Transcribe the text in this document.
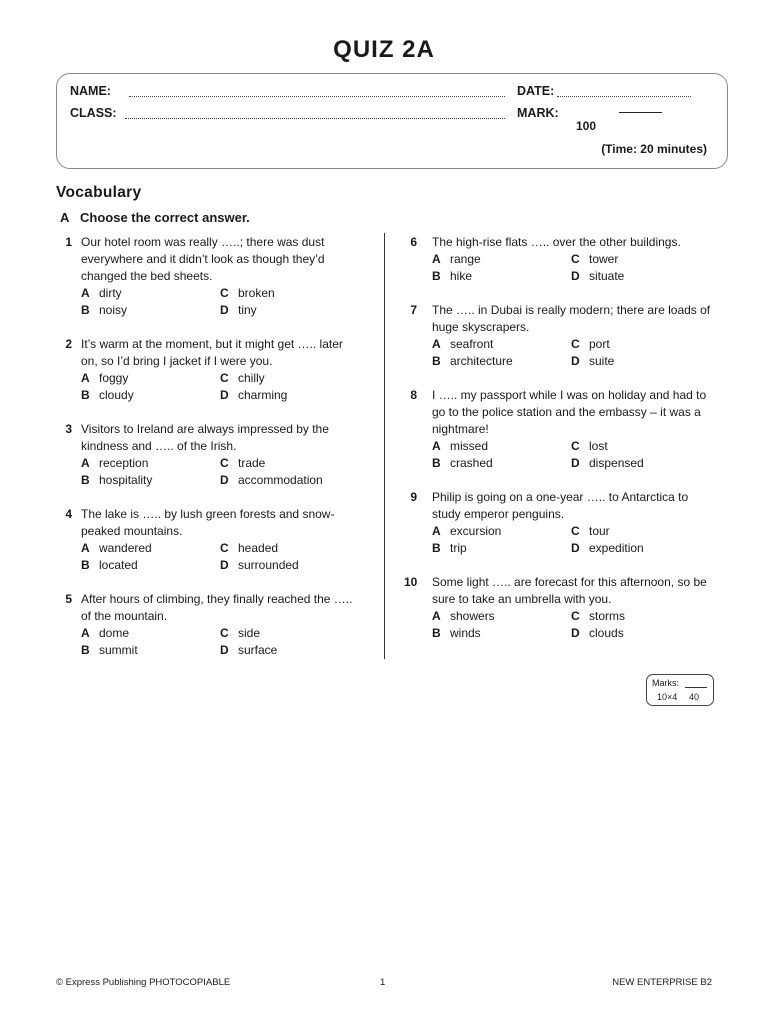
QUIZ 2A
NAME:	DATE:
CLASS:	MARK:
100
(Time: 20 minutes)
Vocabulary
A Choose the correct answer.
1 Our hotel room was really …..; there was dust everywhere and it didn’t look as though they’d changed the bed sheets.
A dirty	C broken
B noisy	D tiny
2 It’s warm at the moment, but it might get ….. later on, so I’d bring I jacket if I were you.
A foggy	C chilly
B cloudy	D charming
3 Visitors to Ireland are always impressed by the kindness and ….. of the Irish.
A reception	C trade
B hospitality	D accommodation
4 The lake is ….. by lush green forests and snow-peaked mountains.
A wandered	C headed
B located	D surrounded
5 After hours of climbing, they finally reached the ….. of the mountain.
A dome	C side
B summit	D surface
6 The high-rise flats ….. over the other buildings.
A range	C tower
B hike	D situate
7 The ….. in Dubai is really modern; there are loads of huge skyscrapers.
A seafront	C port
B architecture	D suite
8 I ….. my passport while I was on holiday and had to go to the police station and the embassy – it was a nightmare!
A missed	C lost
B crashed	D dispensed
9 Philip is going on a one-year ….. to Antarctica to study emperor penguins.
A excursion	C tour
B trip	D expedition
10 Some light ….. are forecast for this afternoon, so be sure to take an umbrella with you.
A showers	C storms
B winds	D clouds
Marks:
10×4 40
© Express Publishing PHOTOCOPIABLE	1	NEW ENTERPRISE B2
